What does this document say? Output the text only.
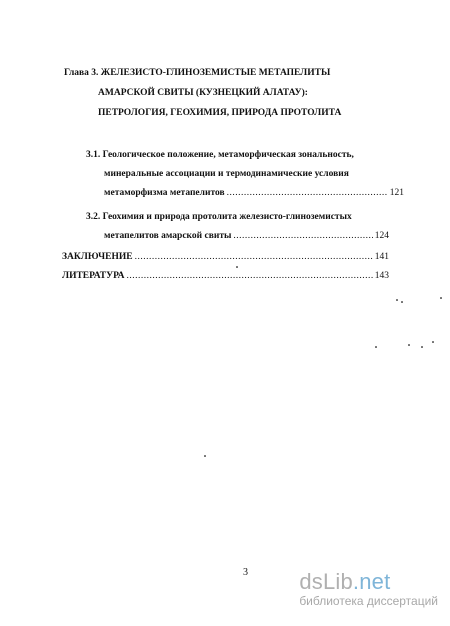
Глава 3. ЖЕЛЕЗИСТО-ГЛИНОЗЕМИСТЫЕ МЕТАПЕЛИТЫ
АМАРСКОЙ СВИТЫ (КУЗНЕЦКИЙ АЛАТАУ):
ПЕТРОЛОГИЯ, ГЕОХИМИЯ, ПРИРОДА ПРОТОЛИТА
3.1. Геологическое положение, метаморфическая зональность,
минеральные ассоциации и термодинамические условия
метаморфизма метапелитов .....	121
3.2. Геохимия и природа протолита железисто-глиноземистых
метапелитов амарской свиты .....	124
ЗАКЛЮЧЕНИЕ .....	141
ЛИТЕРАТУРА .....	143
3 dsLib.net
библиотека диссертаций
